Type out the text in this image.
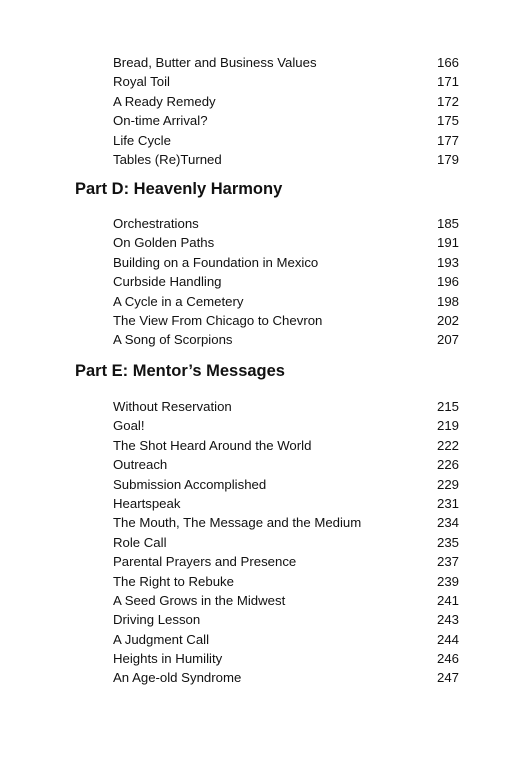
Bread, Butter and Business Values	166
Royal Toil	171
A Ready Remedy	172
On-time Arrival?	175
Life Cycle	177
Tables (Re)Turned	179
Part D: Heavenly Harmony
Orchestrations	185
On Golden Paths	191
Building on a Foundation in Mexico	193
Curbside Handling	196
A Cycle in a Cemetery	198
The View From Chicago to Chevron	202
A Song of Scorpions	207
Part E: Mentor’s Messages
Without Reservation	215
Goal!	219
The Shot Heard Around the World	222
Outreach	226
Submission Accomplished	229
Heartspeak	231
The Mouth, The Message and the Medium	234
Role Call	235
Parental Prayers and Presence	237
The Right to Rebuke	239
A Seed Grows in the Midwest	241
Driving Lesson	243
A Judgment Call	244
Heights in Humility	246
An Age-old Syndrome	247
